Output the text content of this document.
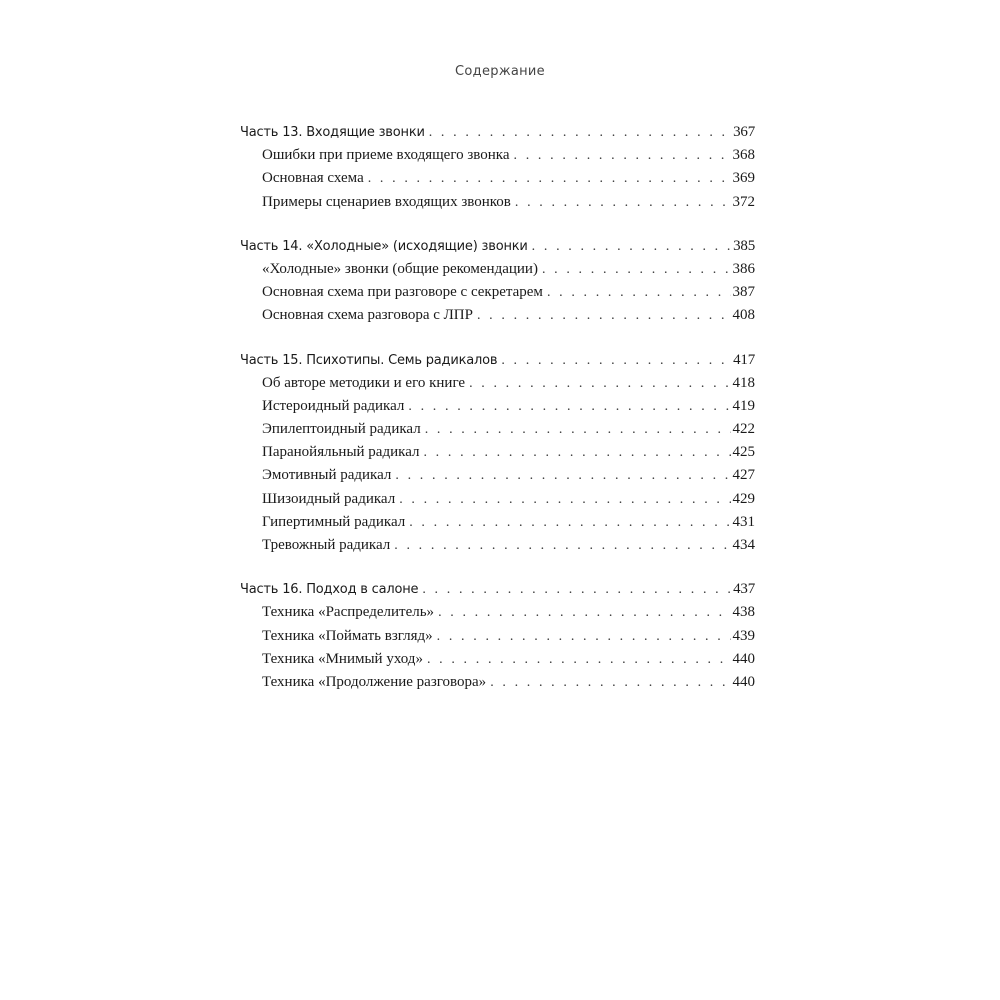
Содержание
Часть 13. Входящие звонки . . .	367
Ошибки при приеме входящего звонка . . .	368
Основная схема . . .	369
Примеры сценариев входящих звонков . . .	372
Часть 14. «Холодные» (исходящие) звонки . . .	385
«Холодные» звонки (общие рекомендации) . . .	386
Основная схема при разговоре с секретарем . . .	387
Основная схема разговора с ЛПР . . .	408
Часть 15. Психотипы. Семь радикалов . . .	417
Об авторе методики и его книге . . .	418
Истероидный радикал . . .	419
Эпилептоидный радикал . . .	422
Паранойяльный радикал . . .	425
Эмотивный радикал . . .	427
Шизоидный радикал . . .	429
Гипертимный радикал . . .	431
Тревожный радикал . . .	434
Часть 16. Подход в салоне . . .	437
Техника «Распределитель» . . .	438
Техника «Поймать взгляд» . . .	439
Техника «Мнимый уход» . . .	440
Техника «Продолжение разговора» . . .	440
